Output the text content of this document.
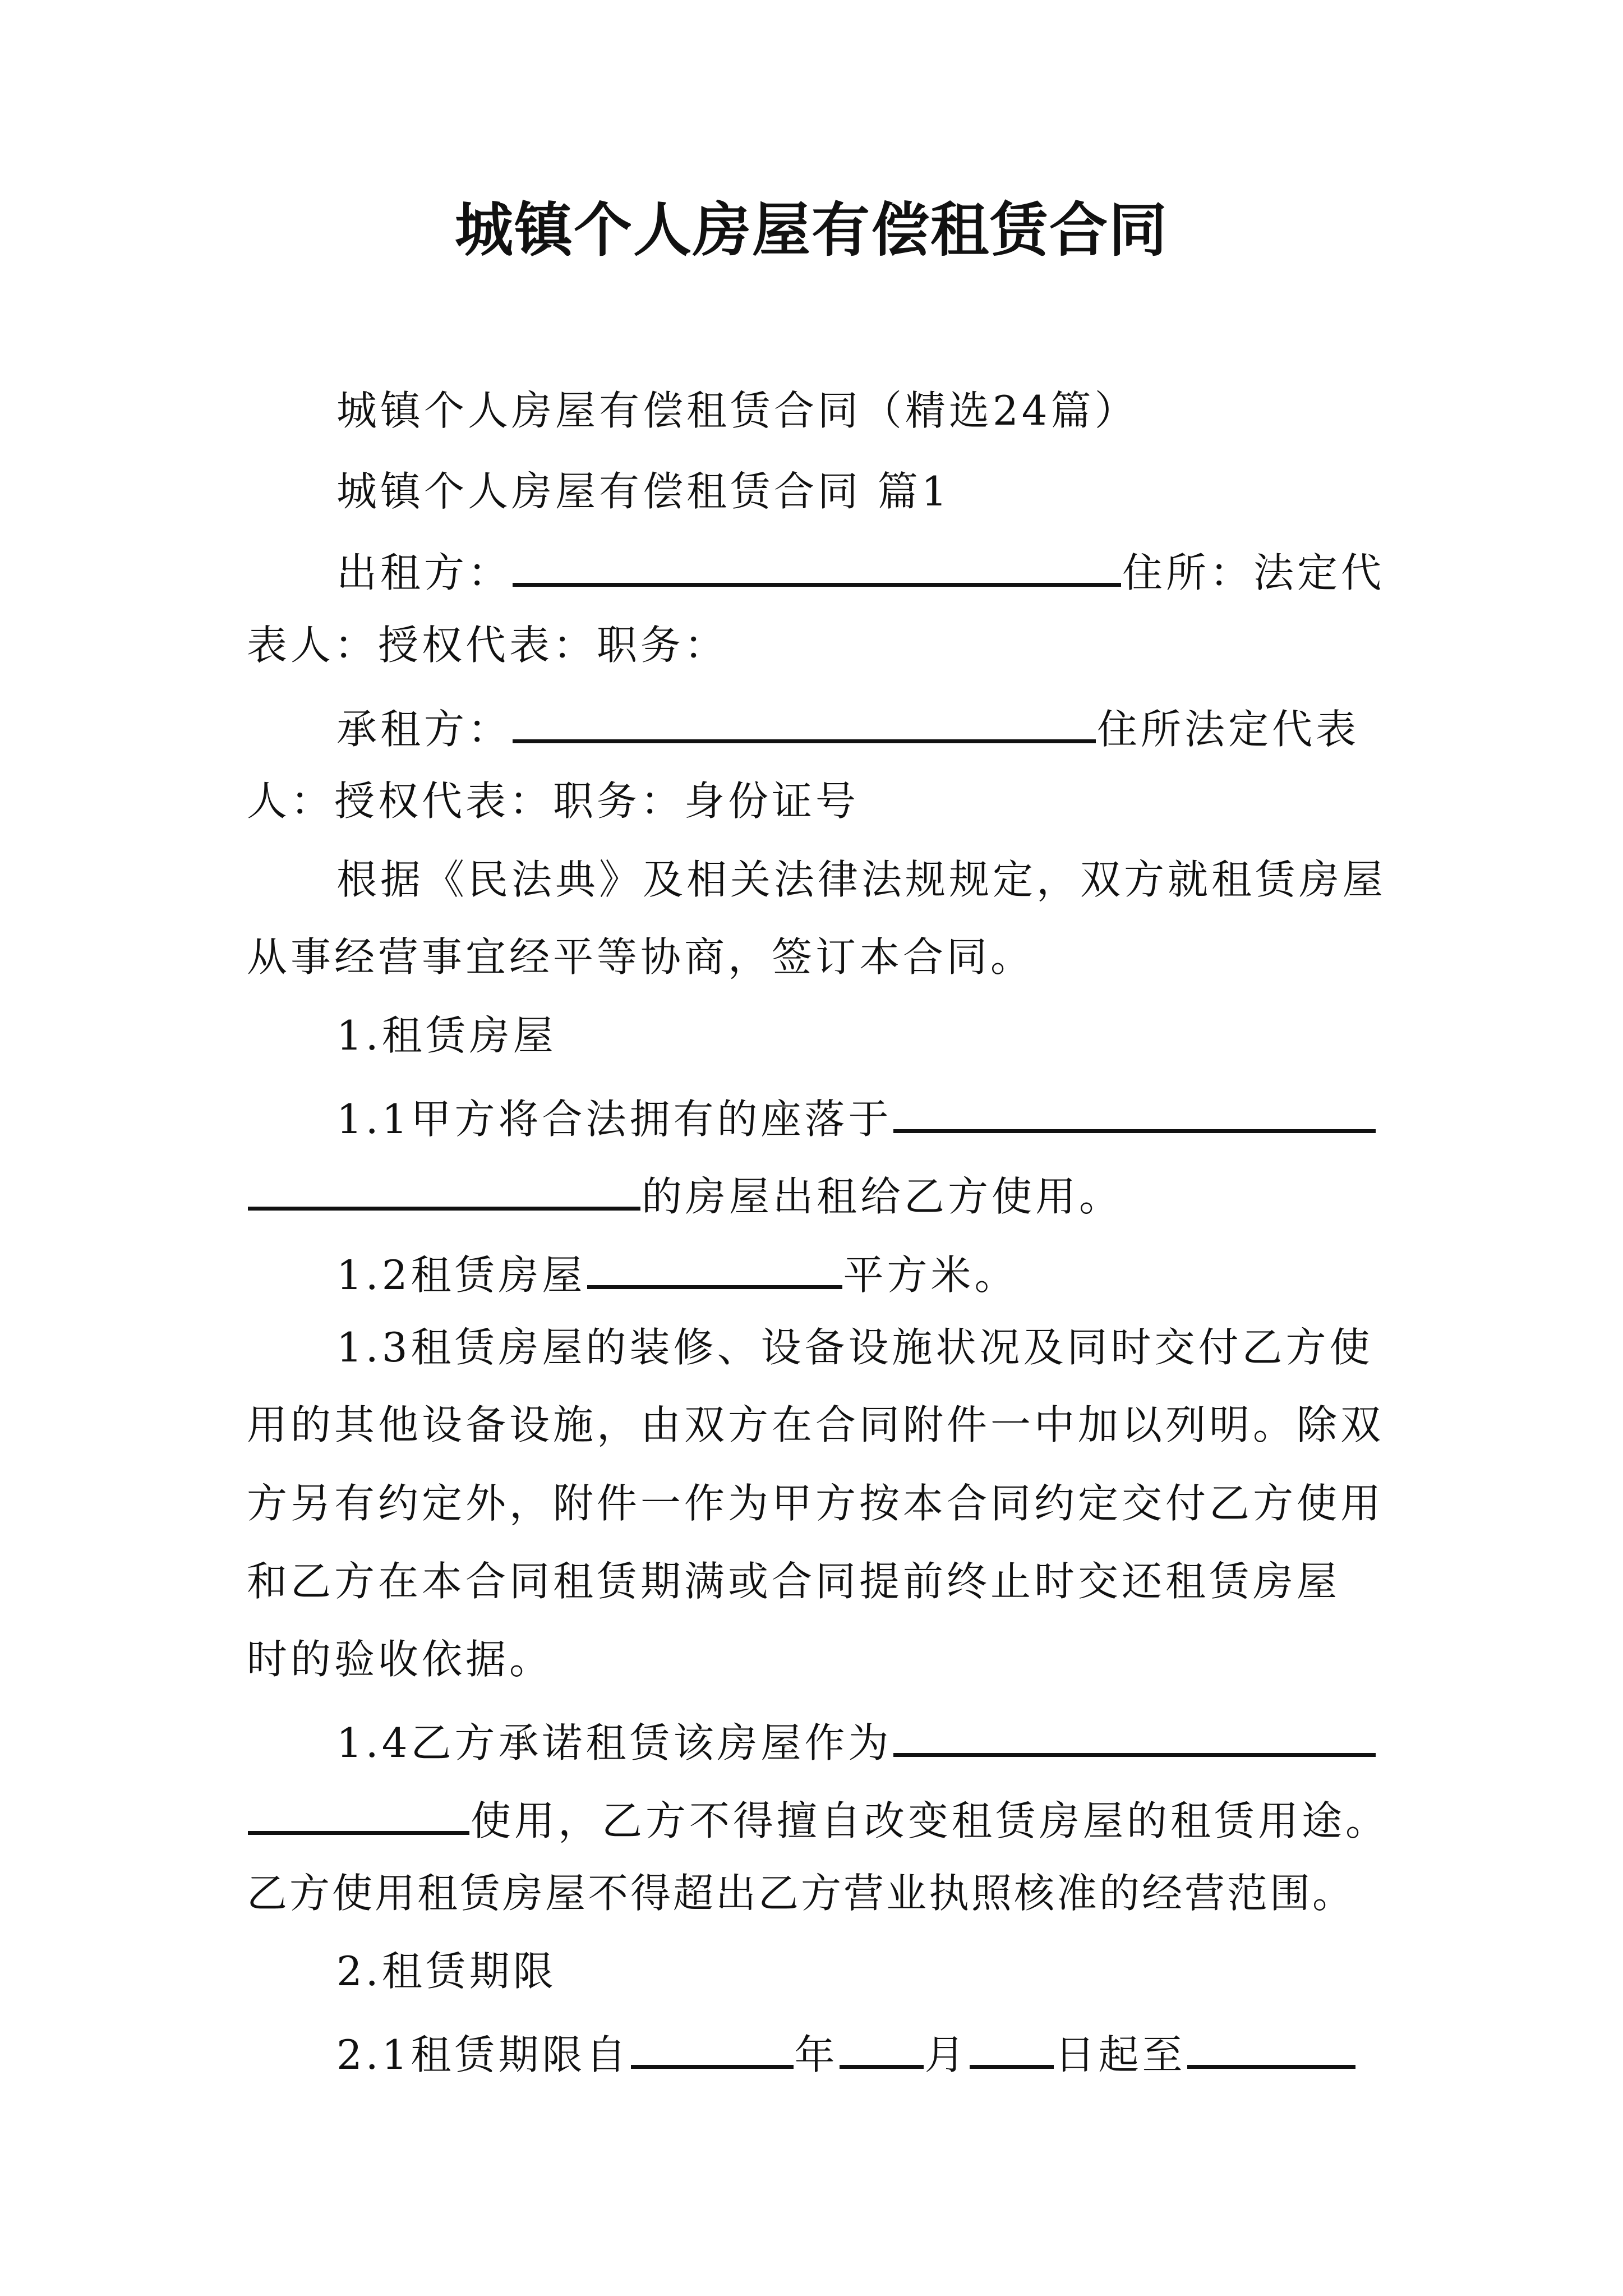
城镇个人房屋有偿租赁合同
城镇个人房屋有偿租赁合同（精选24篇）
城镇个人房屋有偿租赁合同 篇1
出租方：	住所：法定代
表人：授权代表：职务：
承租方：	住所法定代表
人：授权代表：职务：身份证号
根据《民法典》及相关法律法规规定，双方就租赁房屋
从事经营事宜经平等协商，签订本合同。
1.租赁房屋
1.1甲方将合法拥有的座落于
的房屋出租给乙方使用。
1.2租赁房屋	平方米。
1.3租赁房屋的装修、设备设施状况及同时交付乙方使
用的其他设备设施，由双方在合同附件一中加以列明。除双
方另有约定外，附件一作为甲方按本合同约定交付乙方使用
和乙方在本合同租赁期满或合同提前终止时交还租赁房屋
时的验收依据。
1.4乙方承诺租赁该房屋作为
使用，乙方不得擅自改变租赁房屋的租赁用途。
乙方使用租赁房屋不得超出乙方营业执照核准的经营范围。
2.租赁期限
2.1租赁期限自	年 月 日起至
